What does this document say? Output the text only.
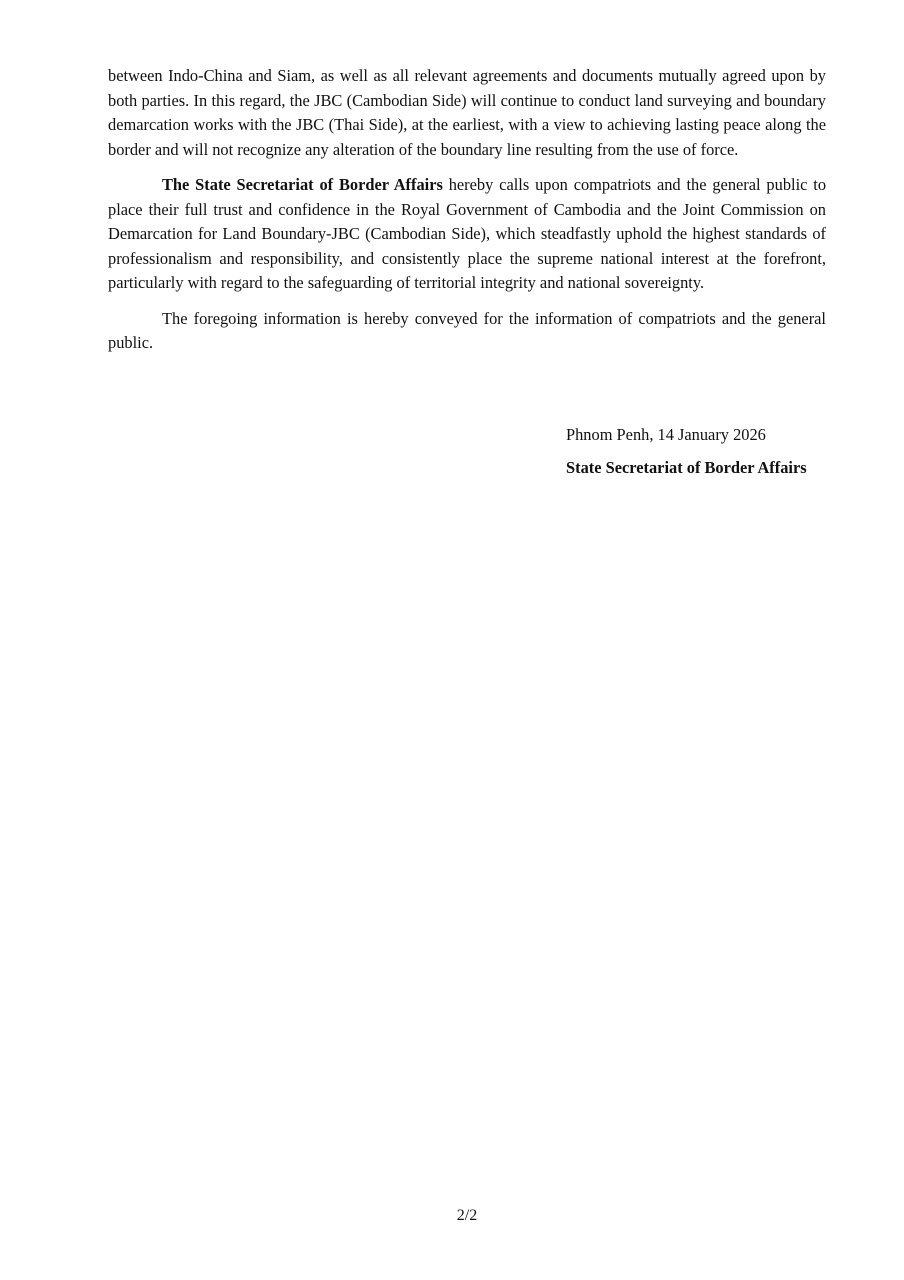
between Indo-China and Siam, as well as all relevant agreements and documents mutually agreed upon by both parties. In this regard, the JBC (Cambodian Side) will continue to conduct land surveying and boundary demarcation works with the JBC (Thai Side), at the earliest, with a view to achieving lasting peace along the border and will not recognize any alteration of the boundary line resulting from the use of force.

The State Secretariat of Border Affairs hereby calls upon compatriots and the general public to place their full trust and confidence in the Royal Government of Cambodia and the Joint Commission on Demarcation for Land Boundary-JBC (Cambodian Side), which steadfastly uphold the highest standards of professionalism and responsibility, and consistently place the supreme national interest at the forefront, particularly with regard to the safeguarding of territorial integrity and national sovereignty.

The foregoing information is hereby conveyed for the information of compatriots and the general public.

Phnom Penh, 14 January 2026

State Secretariat of Border Affairs

2/2
